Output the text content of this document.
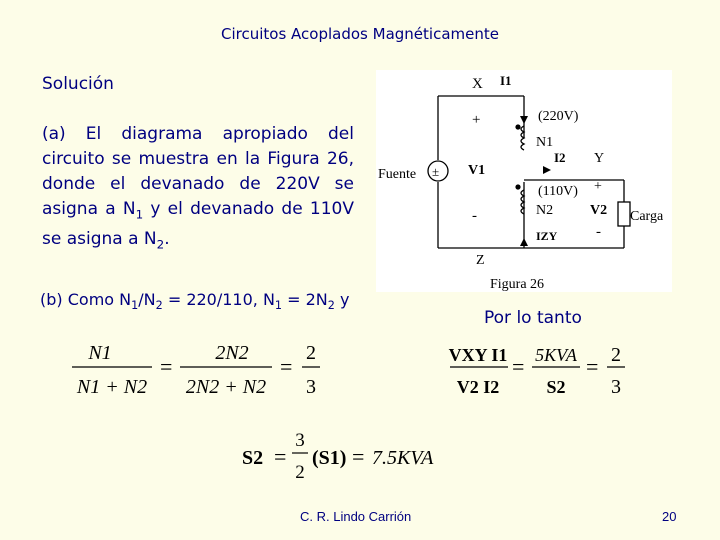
Circuitos Acoplados Magnéticamente
Solución
(a) El diagrama apropiado del circuito se muestra en la Figura 26, donde el devanado de 220V se asigna a $N_1$ y el devanado de 110V se asigna a $N_2$.
(b) Como $N_1/N_2 = 220/110$, $N_1 = 2N_2$ y
Por lo tanto
X I1
(220V)
+
N1
I2 Y
Fuente ± V1
(110V) +
-	N2	V2 Carga
IZY	-
Z
Figura 26
N1
N1 + N2
=
2N2
2N2 + N2
=
2
3
VXY I1
V2 I2
= 5KVA
S2
= 2
3
S2 =
3
2
(S1) = 7.5KVA
C. R. Lindo Carrión	20
